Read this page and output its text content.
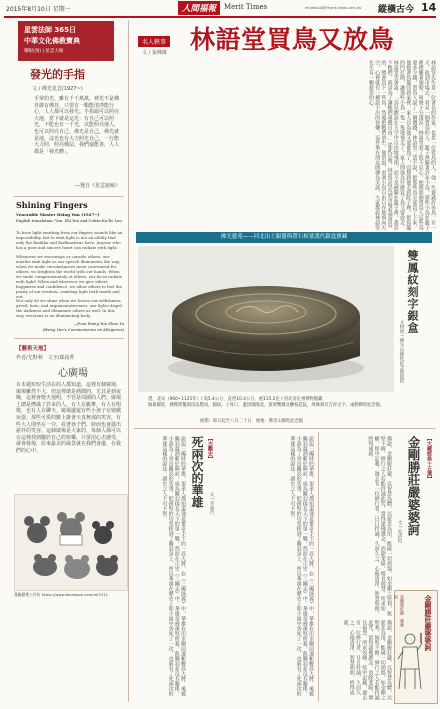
2015年8月10日 星期一	人間福報	Merit Times	mtnews18@merit-times.com.tw 縱橫古今 14
星雲法師 365日
中華文化佛教寶典
耀眼(預) | 星雲大師
發光的手指
文 / 佛光星雲(1927~)
手掌的光，雖有千千萬萬，裡光不是佛菩薩有佛菩，只要有一顆能清淨能行心，人人都可以發光。手指頭可以照亮大地，當下就是這光：有自己可以照光，不能也有一千光，以能照亮他人，也可以照亮自己。佛光是自己，佛光就是地，沒光也有大力照光自己，一行能大力照，照亮佛法，我們還能善，人人都是「發光體」。
—選自《星雲說喻》
Shining Fingers
Venerable Master Hsing Yun (1927~)
English translation: Ven. Zhi Yue and Calvin Ka-Ee Lau
To have light emitting from our fingers sounds like an impossibility, but to emit light is not an ability that only the Buddha and Bodhisattvas have. Anyone who has a pure and sincere heart can radiate with light.
Whenever we encourage or console others, our mouths emit light as our speech illuminates the way; when we make circumstances more convenient for others, we brighten the world with our hands. When we smile compassionately at others, our faces radiate with light! When and wherever we give others happiness and confidence, we allow others to feel the purity of our wisdom—emitting light both inside and out.
Not only do we shine when we lessen our selfishness, greed, hate, and argumentativeness, our lights dispel the darkness and illuminate others as well. In this way, everyone is an illuminating body.
—from Hsing Yun Shuo Yu
(Hsing Yun's Commentaries on Allegories)
【藝術天地】
作者/尤野利　文字/邱菽菁
心廣場
有未過短短生活在的人都知道，這裡有個廣場，廣場雖然不大，但這裡總是熱鬧的，尤其是到夜晚，這裡會燈火通明，不管是周圍的人們，廣場上總是擠滿了許多的人，有人在跳舞，有人在唱歌，也有人在聊天。廣場邊還有些小孩子在嬉戲玩耍，那些可愛的臉上掛著天真無邪的笑容，有些大人則坐在一旁，看著孩子們，時而也會露出慈祥的笑容。這個廣場是大家的，每個人都可以在這裡找到屬於自己的快樂。只要用心去感受，就會發現，原來最美的風景就在我們身邊，在我們的心中。
寬幅藝術工作坊 https://www.facebook.com/rel7411
名人軼事
文 / 張興緯 林語堂買鳥又放鳥
林語堂先生是一位著名的作家，也是一位愛鳥的人，他一生養過許多鳥。有一天，他到市場去，看見一個賣鳥的人，籠子裡關著許多小鳥，那些小鳥在籠子裡撲騰著翅膀，叫聲十分淒涼。林語堂看了很不忍心，便問那個賣鳥人這些鳥要多少錢，賣鳥人說了一個價錢，林語堂二話不說，把那些鳥全部買了下來。他提著鳥籠回到家裡，家人以為他又要養鳥了，沒想到他走到院子裡，把鳥籠的門打開，讓那些小鳥一隻一隻地飛走了。家人問他為什麼買了鳥又要放走，林語堂笑著說：「鳥兒應該在天空中自由地飛翔，而不是被關在籠子裡。我買下牠們，就是為了讓牠們重獲自由。」從此以後，林語堂每次到市場看到賣鳥的，總會買下一些鳥，然後把牠們放生。他常說，看著小鳥自由自在地飛向天空，心裡就有一種說不出的快樂。這件事在朋友間傳為美談，大家都說林語堂先生有一顆慈悲的心。
佛光藝苑——河北出土銀器與帶石棺墓漢代銀盒寶藏
雙鳳紋刻字銀盒
文物展 / 佛光山佛陀紀念館提供
遼、北宋（960~1125年）/ 高5.4公分、直徑10.4公分、重115.2克 / 河北省定州博物館藏
做素圓狀，錘揲與鏨刻技法製成，圓鈕。子母口，蓋頂微隆起，頂刻雙鳳及纏枝花紋，周緣刻有吉祥文字，兩側佛陀紀念館。
展期：即日起至八月二十日　展地：佛光山佛陀紀念館
【古觀史】
文 / 李遠代
死兩次的華雄
說起三國時的華雄，很多人都知道他是董卓手下的一員大將，在《三國演義》中，華雄在汜水關前連斬數員大將，後被關羽溫酒斬於陣前，成為關羽揚名天下的第一戰。然而在正史《三國志》中，華雄是被孫堅所殺，與關羽並沒有關係。小說為了突出關羽的英勇，把孫堅的功勞移到了關羽身上，所以華雄在歷史上和小說中各死了一次，也就有了死兩次的華雄這樣的說法。讀史之人不可不察。	說起三國時的華雄，很多人都知道他是董卓手下的一員大將，在《三國演義》中，華雄在汜水關前連斬數員大將，後被關羽溫酒斬於陣前，成為關羽揚名天下的第一戰。然而在正史《三國志》中，華雄是被孫堅所殺，與關羽並沒有關係。小說為了突出關羽的英勇，把孫堅的功勞移到了關羽身上，所以華雄在歷史上和小說中各死了一次，也就有了死兩次的華雄這樣的說法。讀史之人不可不察。	【大藏經典十五選】
金剛勝莊嚴婆婆訶
文 / 吳清松
佛說，金剛勝莊嚴，以智慧為體，以慈悲為用，能破一切煩惱，如金剛之堅利，無堅不摧。修行之人若能持誦此咒，當得諸佛護念，消除業障，增長福慧，所求如願。經中記載，過去有一位修行者，日日持誦，久而久之，心地清淨，智慧明朗，終得成就。
佛說，金剛勝莊嚴，以智慧為體，以慈悲為用，能破一切煩惱，如金剛之堅利，無堅不摧。修行之人若能持誦此咒，當得諸佛護念，消除業障，增長福慧，所求如願。經中記載，過去有一位修行者，日日持誦，久而久之，心地清淨，智慧明朗，終得成就。	金剛勝莊嚴婆婆訶
金剛勝莊嚴　婆婆訶
